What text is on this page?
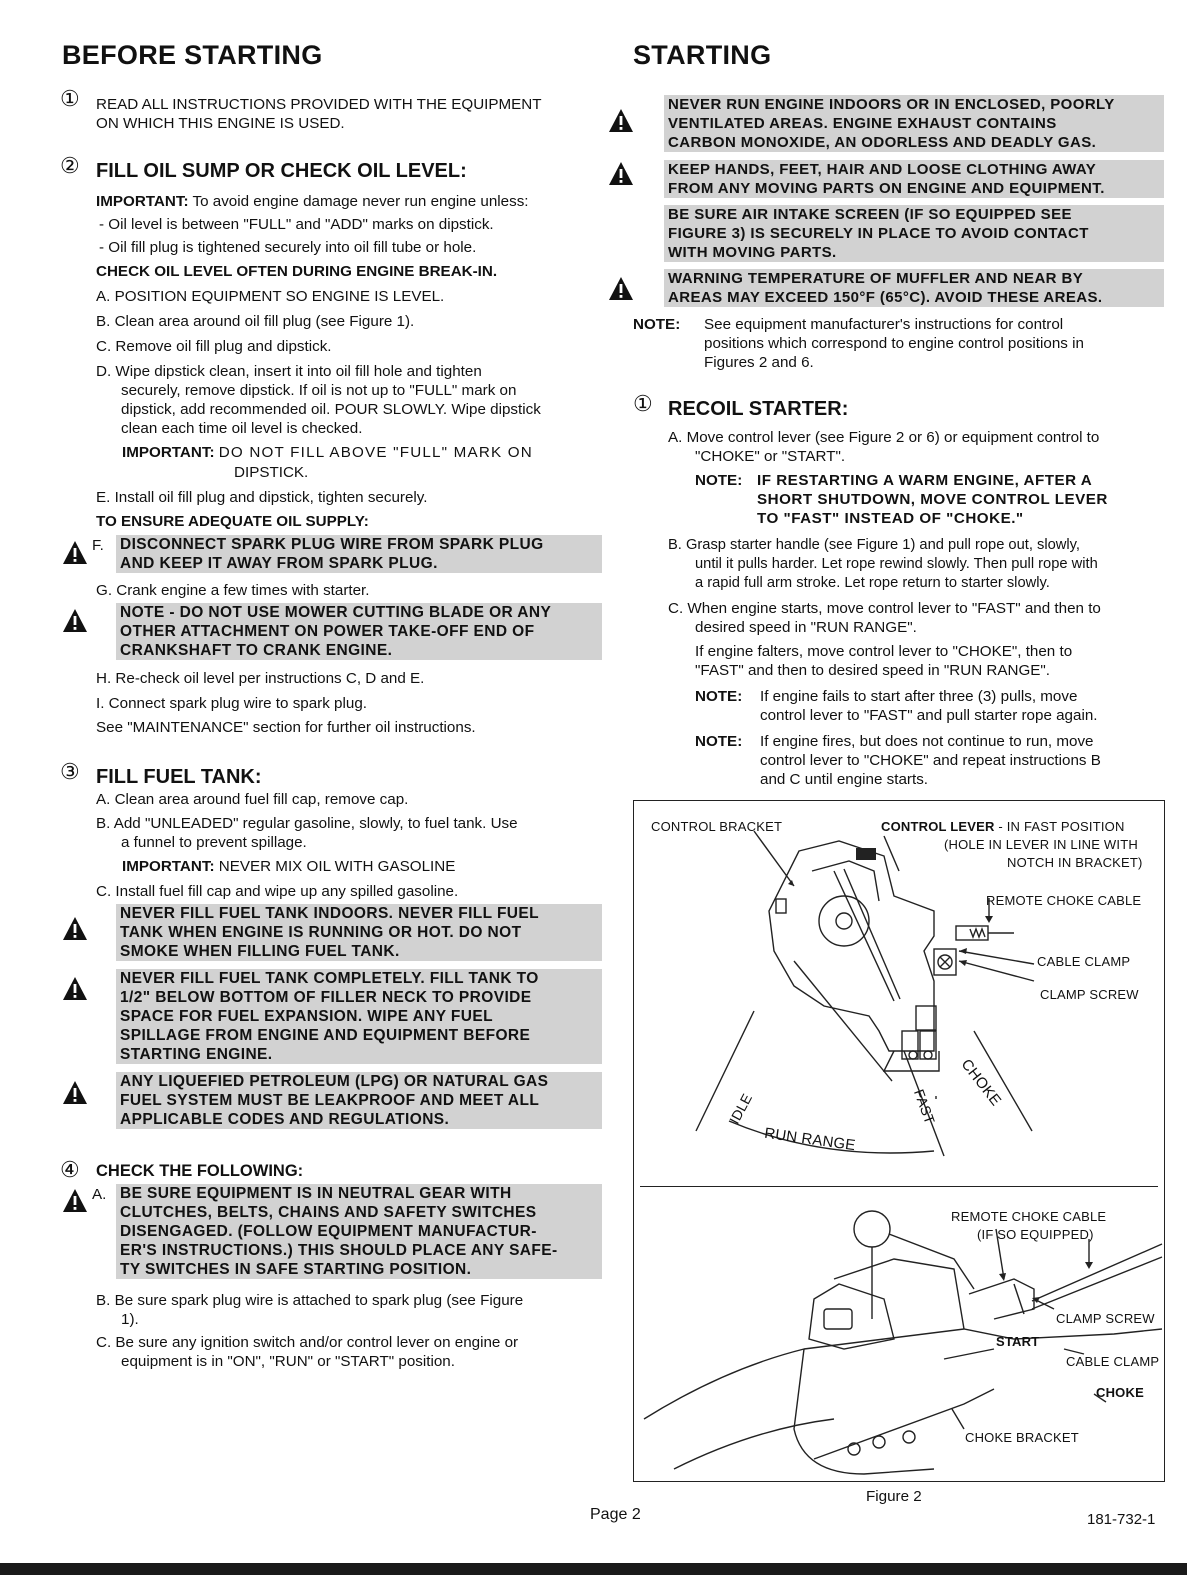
BEFORE STARTING
① READ ALL INSTRUCTIONS PROVIDED WITH THE EQUIPMENT
ON WHICH THIS ENGINE IS USED.
② FILL OIL SUMP OR CHECK OIL LEVEL:
IMPORTANT: To avoid engine damage never run engine unless:
- Oil level is between "FULL" and "ADD" marks on dipstick.
- Oil fill plug is tightened securely into oil fill tube or hole.
CHECK OIL LEVEL OFTEN DURING ENGINE BREAK-IN.
A. POSITION EQUIPMENT SO ENGINE IS LEVEL.
B. Clean area around oil fill plug (see Figure 1).
C. Remove oil fill plug and dipstick.
D. Wipe dipstick clean, insert it into oil fill hole and tighten
securely, remove dipstick. If oil is not up to "FULL" mark on
dipstick, add recommended oil. POUR SLOWLY. Wipe dipstick
clean each time oil level is checked.
IMPORTANT: DO NOT FILL ABOVE "FULL" MARK ON
DIPSTICK.
E. Install oil fill plug and dipstick, tighten securely.
TO ENSURE ADEQUATE OIL SUPPLY:
F. DISCONNECT SPARK PLUG WIRE FROM SPARK PLUG
AND KEEP IT AWAY FROM SPARK PLUG.
G. Crank engine a few times with starter.
NOTE - DO NOT USE MOWER CUTTING BLADE OR ANY
OTHER ATTACHMENT ON POWER TAKE-OFF END OF
CRANKSHAFT TO CRANK ENGINE.
H. Re-check oil level per instructions C, D and E.
I. Connect spark plug wire to spark plug.
See "MAINTENANCE" section for further oil instructions.
③ FILL FUEL TANK:
A. Clean area around fuel fill cap, remove cap.
B. Add "UNLEADED" regular gasoline, slowly, to fuel tank. Use
a funnel to prevent spillage.
IMPORTANT: NEVER MIX OIL WITH GASOLINE
C. Install fuel fill cap and wipe up any spilled gasoline.
NEVER FILL FUEL TANK INDOORS. NEVER FILL FUEL
TANK WHEN ENGINE IS RUNNING OR HOT. DO NOT
SMOKE WHEN FILLING FUEL TANK.
NEVER FILL FUEL TANK COMPLETELY. FILL TANK TO
1/2" BELOW BOTTOM OF FILLER NECK TO PROVIDE
SPACE FOR FUEL EXPANSION. WIPE ANY FUEL
SPILLAGE FROM ENGINE AND EQUIPMENT BEFORE
STARTING ENGINE.
ANY LIQUEFIED PETROLEUM (LPG) OR NATURAL GAS
FUEL SYSTEM MUST BE LEAKPROOF AND MEET ALL
APPLICABLE CODES AND REGULATIONS.
④ CHECK THE FOLLOWING:
A. BE SURE EQUIPMENT IS IN NEUTRAL GEAR WITH
CLUTCHES, BELTS, CHAINS AND SAFETY SWITCHES
DISENGAGED. (FOLLOW EQUIPMENT MANUFACTUR-
ER'S INSTRUCTIONS.) THIS SHOULD PLACE ANY SAFE-
TY SWITCHES IN SAFE STARTING POSITION.
B. Be sure spark plug wire is attached to spark plug (see Figure
1).
C. Be sure any ignition switch and/or control lever on engine or
equipment is in "ON", "RUN" or "START" position.
STARTING
NEVER RUN ENGINE INDOORS OR IN ENCLOSED, POORLY
VENTILATED AREAS. ENGINE EXHAUST CONTAINS
CARBON MONOXIDE, AN ODORLESS AND DEADLY GAS.
KEEP HANDS, FEET, HAIR AND LOOSE CLOTHING AWAY
FROM ANY MOVING PARTS ON ENGINE AND EQUIPMENT.
BE SURE AIR INTAKE SCREEN (IF SO EQUIPPED SEE
FIGURE 3) IS SECURELY IN PLACE TO AVOID CONTACT
WITH MOVING PARTS.
WARNING TEMPERATURE OF MUFFLER AND NEAR BY
AREAS MAY EXCEED 150°F (65°C). AVOID THESE AREAS.
NOTE: See equipment manufacturer's instructions for control
positions which correspond to engine control positions in
Figures 2 and 6.
① RECOIL STARTER:
A. Move control lever (see Figure 2 or 6) or equipment control to
"CHOKE" or "START".
NOTE: IF RESTARTING A WARM ENGINE, AFTER A
SHORT SHUTDOWN, MOVE CONTROL LEVER
TO "FAST" INSTEAD OF "CHOKE."
B. Grasp starter handle (see Figure 1) and pull rope out, slowly,
until it pulls harder. Let rope rewind slowly. Then pull rope with
a rapid full arm stroke. Let rope return to starter slowly.
C. When engine starts, move control lever to "FAST" and then to
desired speed in "RUN RANGE".
If engine falters, move control lever to "CHOKE", then to
"FAST" and then to desired speed in "RUN RANGE".
NOTE: If engine fails to start after three (3) pulls, move
control lever to "FAST" and pull starter rope again.
NOTE: If engine fires, but does not continue to run, move
control lever to "CHOKE" and repeat instructions B
and C until engine starts.
CONTROL BRACKET	CONTROL LEVER - IN FAST POSITION
(HOLE IN LEVER IN LINE WITH
NOTCH IN BRACKET)
REMOTE CHOKE CABLE
CABLE CLAMP
CLAMP SCREW
CHOKE
IDLE	FAST
RUN RANGE
REMOTE CHOKE CABLE
(IF SO EQUIPPED)
CLAMP SCREW
START
CABLE CLAMP
CHOKE
CHOKE BRACKET
Figure 2
Page 2	181-732-1
